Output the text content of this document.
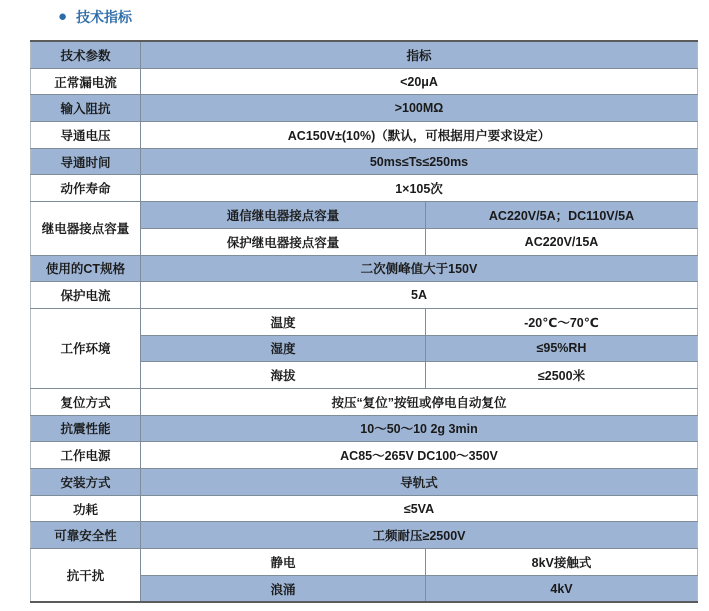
● 技术指标
技术参数	指标	
正常漏电流	<20μA	
输入阻抗	>100MΩ	
导通电压	AC150V±(10%)（默认，可根据用户要求设定）	
导通时间	50ms≤Ts≤250ms	
动作寿命	1×105次	
继电器接点容量	通信继电器接点容量	AC220V/5A；DC110V/5A
	保护继电器接点容量	AC220V/15A
使用的CT规格	二次侧峰值大于150V	
保护电流	5A	
工作环境	温度	-20℃～70℃
	湿度	≤95%RH
	海拔	≤2500米
复位方式	按压“复位”按钮或停电自动复位	
抗震性能	10～50～10 2g 3min	
工作电源	AC85～265V DC100～350V	
安装方式	导轨式	
功耗	≤5VA	
可靠安全性	工频耐压≥2500V	
抗干扰	静电	8kV接触式
	浪涌	4kV
